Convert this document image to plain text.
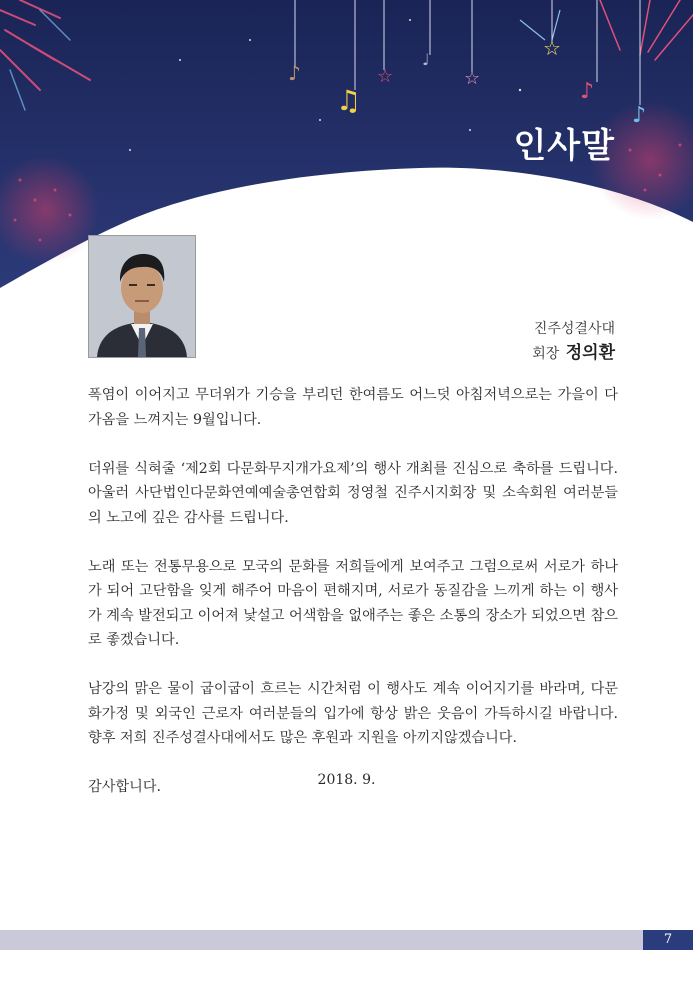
☆	☆
☆
♪
♩
♫	♪
♪
인사말
진주성결사대
회장 정의환

폭염이 이어지고 무더위가 기승을 부리던 한여름도 어느덧 아침저녁으로는 가을이 다가옴을 느껴지는 9월입니다.

더위를 식혀줄 ‘제2회 다문화무지개가요제’의 행사 개최를 진심으로 축하를 드립니다. 아울러 사단법인다문화연예예술총연합회 정영철 진주시지회장 및 소속회원 여러분들의 노고에 깊은 감사를 드립니다.

노래 또는 전통무용으로 모국의 문화를 저희들에게 보여주고 그럼으로써 서로가 하나가 되어 고단함을 잊게 해주어 마음이 편해지며, 서로가 동질감을 느끼게 하는 이 행사가 계속 발전되고 이어져 낯설고 어색함을 없애주는 좋은 소통의 장소가 되었으면 참으로 좋겠습니다.

남강의 맑은 물이 굽이굽이 흐르는 시간처럼 이 행사도 계속 이어지기를 바라며, 다문화가정 및 외국인 근로자 여러분들의 입가에 항상 밝은 웃음이 가득하시길 바랍니다. 향후 저희 진주성결사대에서도 많은 후원과 지원을 아끼지않겠습니다.

감사합니다.	2018. 9.
7
